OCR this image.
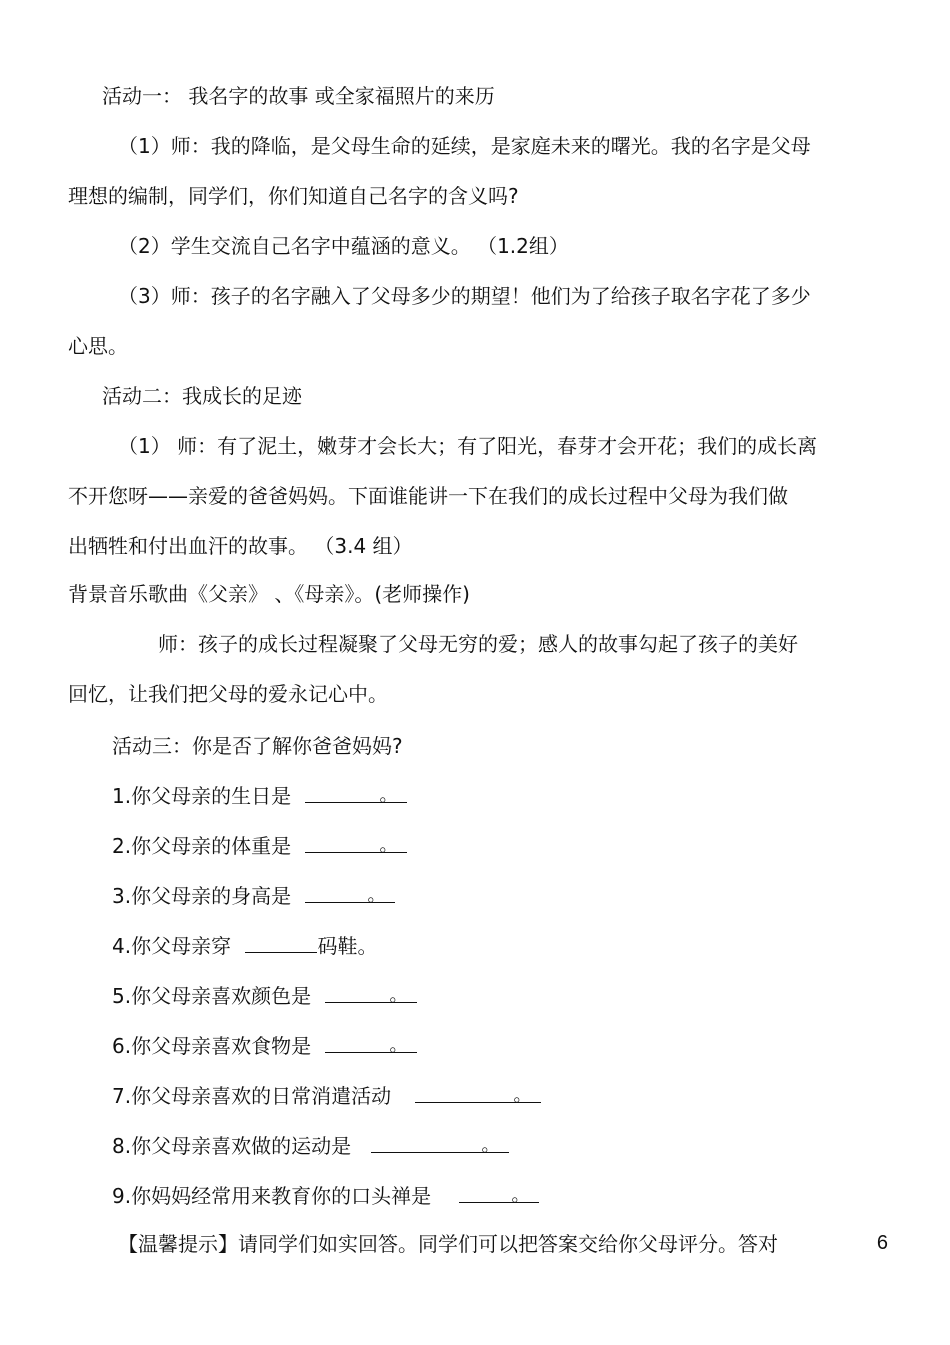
活动一： 我名字的故事 或全家福照片的来历
（1）师：我的降临，是父母生命的延续，是家庭未来的曙光。我的名字是父母
理想的编制，同学们，你们知道自己名字的含义吗?
（2）学生交流自己名字中蕴涵的意义。 （1.2组）
（3）师：孩子的名字融入了父母多少的期望！他们为了给孩子取名字花了多少
心思。
活动二：我成长的足迹
（1） 师：有了泥土，嫩芽才会长大；有了阳光，春芽才会开花；我们的成长离
不开您呀——亲爱的爸爸妈妈。下面谁能讲一下在我们的成长过程中父母为我们做
出牺牲和付出血汗的故事。 （3.4 组）
背景音乐歌曲《父亲》 、《母亲》。(老师操作)
师：孩子的成长过程凝聚了父母无穷的爱；感人的故事勾起了孩子的美好
回忆，让我们把父母的爱永记心中。
活动三：你是否了解你爸爸妈妈?
1.你父母亲的生日是	。
2.你父母亲的体重是	。
3.你父母亲的身高是	。
4.你父母亲穿	码鞋。
5.你父母亲喜欢颜色是	。
6.你父母亲喜欢食物是	。
7.你父母亲喜欢的日常消遣活动	。
8.你父母亲喜欢做的运动是	。
9.你妈妈经常用来教育你的口头禅是	。
【温馨提示】请同学们如实回答。同学们可以把答案交给你父母评分。答对	6
